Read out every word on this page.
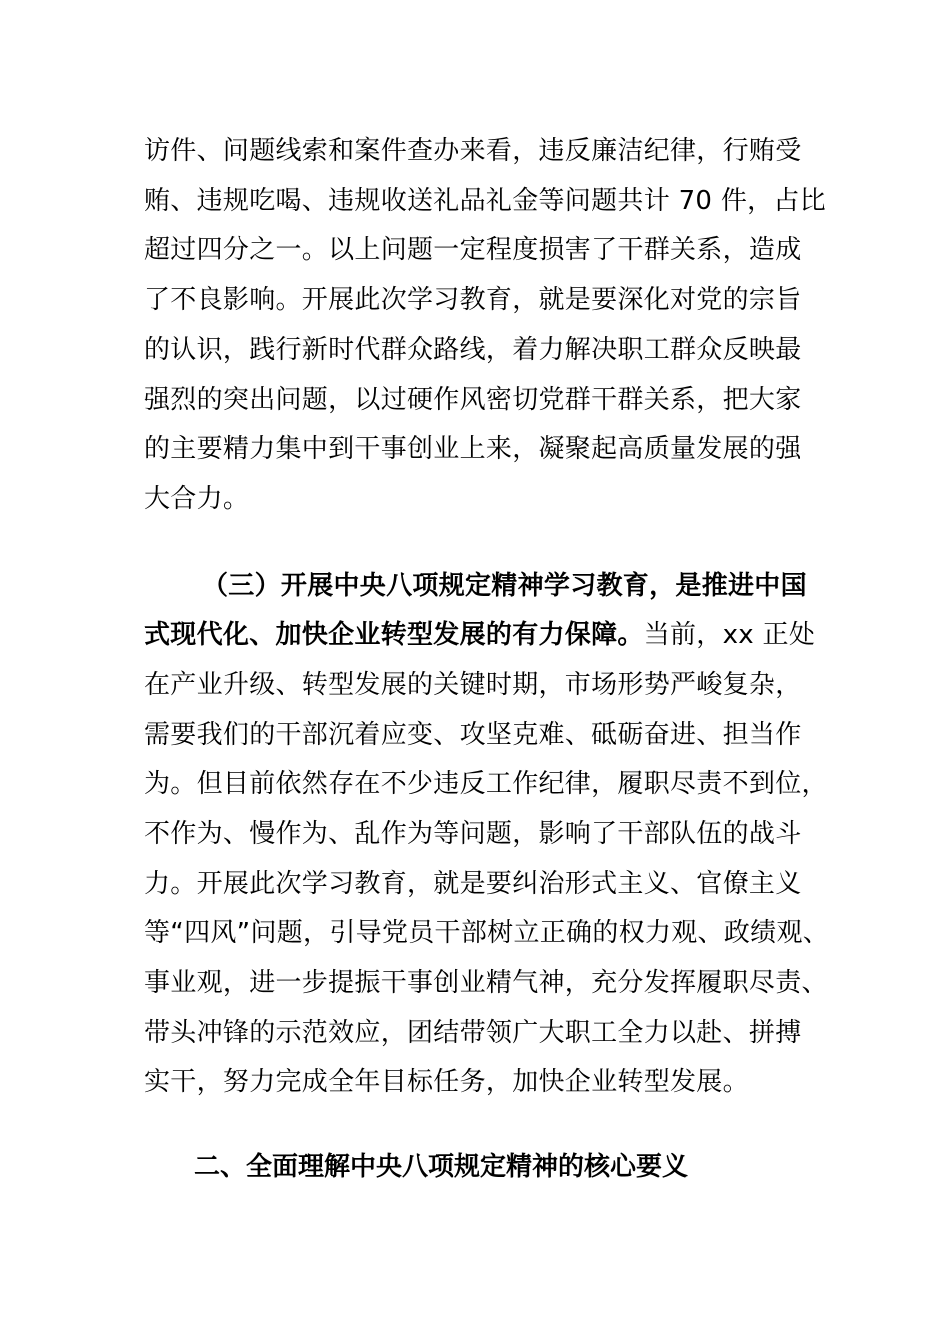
访件、问题线索和案件查办来看，违反廉洁纪律，行贿受
贿、违规吃喝、违规收送礼品礼金等问题共计 70 件，占比
超过四分之一。以上问题一定程度损害了干群关系，造成
了不良影响。开展此次学习教育，就是要深化对党的宗旨
的认识，践行新时代群众路线，着力解决职工群众反映最
强烈的突出问题，以过硬作风密切党群干群关系，把大家
的主要精力集中到干事创业上来，凝聚起高质量发展的强
大合力。
（三）开展中央八项规定精神学习教育，是推进中国
式现代化、加快企业转型发展的有力保障。当前，xx 正处
在产业升级、转型发展的关键时期，市场形势严峻复杂，
需要我们的干部沉着应变、攻坚克难、砥砺奋进、担当作
为。但目前依然存在不少违反工作纪律，履职尽责不到位，
不作为、慢作为、乱作为等问题，影响了干部队伍的战斗
力。开展此次学习教育，就是要纠治形式主义、官僚主义
等“四风”问题，引导党员干部树立正确的权力观、政绩观、
事业观，进一步提振干事创业精气神，充分发挥履职尽责、
带头冲锋的示范效应，团结带领广大职工全力以赴、拼搏
实干，努力完成全年目标任务，加快企业转型发展。
二、全面理解中央八项规定精神的核心要义
